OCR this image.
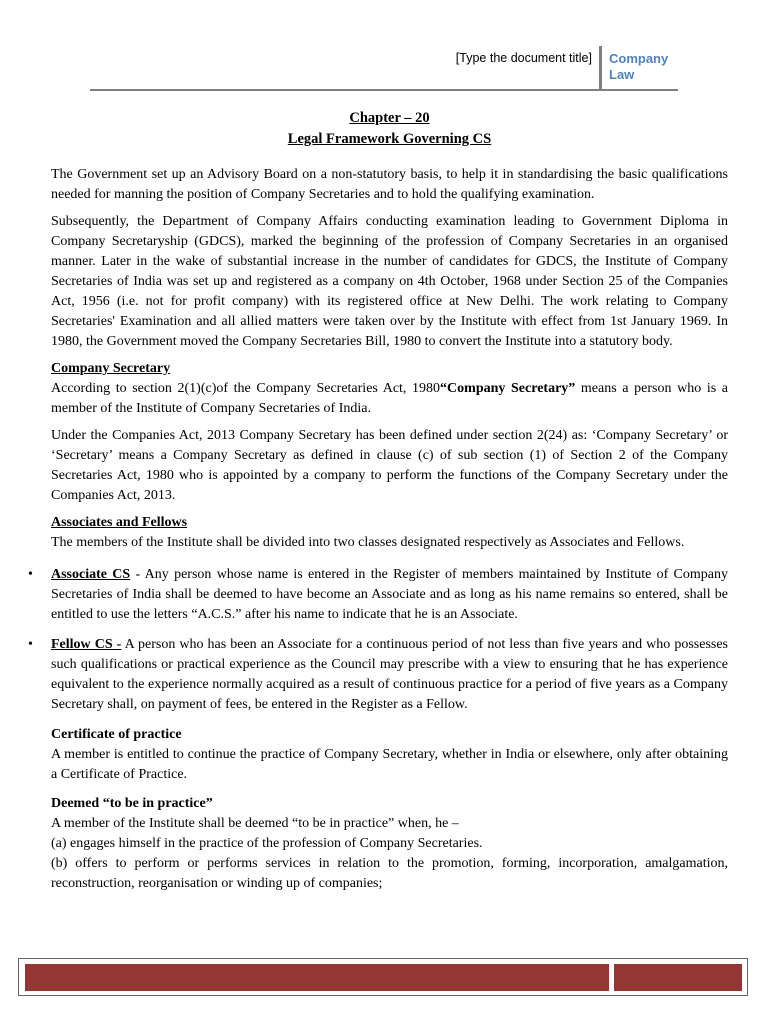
[Type the document title] Company
Law
Chapter – 20
Legal Framework Governing CS

The Government set up an Advisory Board on a non-statutory basis, to help it in standardising the basic qualifications needed for manning the position of Company Secretaries and to hold the qualifying examination.

Subsequently, the Department of Company Affairs conducting examination leading to Government Diploma in Company Secretaryship (GDCS), marked the beginning of the profession of Company Secretaries in an organised manner. Later in the wake of substantial increase in the number of candidates for GDCS, the Institute of Company Secretaries of India was set up and registered as a company on 4th October, 1968 under Section 25 of the Companies Act, 1956 (i.e. not for profit company) with its registered office at New Delhi. The work relating to Company Secretaries' Examination and all allied matters were taken over by the Institute with effect from 1st January 1969. In 1980, the Government moved the Company Secretaries Bill, 1980 to convert the Institute into a statutory body.

Company Secretary

According to section 2(1)(c)of the Company Secretaries Act, 1980“Company Secretary” means a person who is a member of the Institute of Company Secretaries of India.

Under the Companies Act, 2013 Company Secretary has been defined under section 2(24) as: ‘Company Secretary’ or ‘Secretary’ means a Company Secretary as defined in clause (c) of sub section (1) of Section 2 of the Company Secretaries Act, 1980 who is appointed by a company to perform the functions of the Company Secretary under the Companies Act, 2013.

Associates and Fellows

The members of the Institute shall be divided into two classes designated respectively as Associates and Fellows.

• Associate CS - Any person whose name is entered in the Register of members maintained by Institute of Company Secretaries of India shall be deemed to have become an Associate and as long as his name remains so entered, shall be entitled to use the letters “A.C.S.” after his name to indicate that he is an Associate.
• Fellow CS - A person who has been an Associate for a continuous period of not less than five years and who possesses such qualifications or practical experience as the Council may prescribe with a view to ensuring that he has experience equivalent to the experience normally acquired as a result of continuous practice for a period of five years as a Company Secretary shall, on payment of fees, be entered in the Register as a Fellow.
Certificate of practice

A member is entitled to continue the practice of Company Secretary, whether in India or elsewhere, only after obtaining a Certificate of Practice.

Deemed “to be in practice”
A member of the Institute shall be deemed “to be in practice” when, he –
(a) engages himself in the practice of the profession of Company Secretaries.

(b) offers to perform or performs services in relation to the promotion, forming, incorporation, amalgamation, reconstruction, reorganisation or winding up of companies;
